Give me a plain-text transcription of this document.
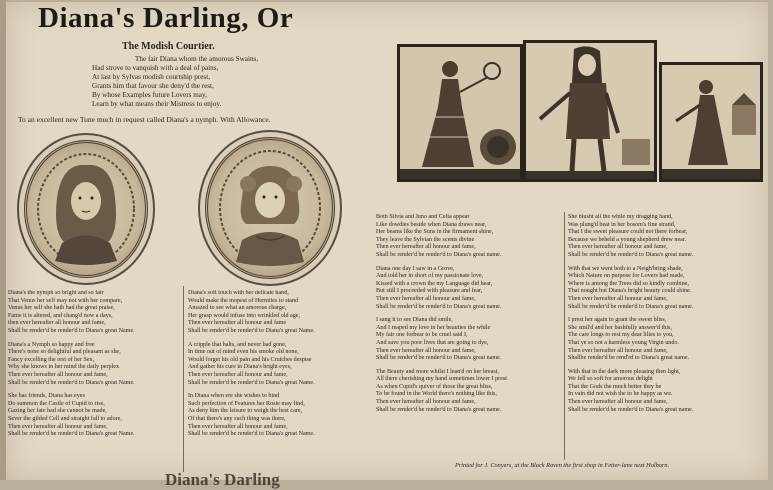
Diana's Darling, Or
The Modish Courtier.
The fair Diana whom the amorous Swains,
Had strove to vanquish with a deal of pains,
At last by Sylvas modish courtship prest,
Grants him that favour she deny'd the rest,
By whose Examples future Lovers may,
Learn by what means their Mistress to enjoy.
To an excellent new Tune much in request called Diana's a nymph. With Allowance.
Diana's the nymph so bright and so fair
That Venus her self may not with her compare,
Venus her self she hath had the great praise,
Fame it is altered, and chang'd now a days,
then ever hereafter all honour and fame,
Shall be render'd be render'd to Diana's great Name.
Diana's a Nymph so happy and free
There's none so delightful and pleasant as she,
Fancy excelling the rest of her Sex,
Why she knows in her mind the daily perplex
Then ever hereafter all honour and fame,
Shall be render'd be render'd to Diana's great Name.
She has friends, Diana has eyes
Do summon the Castle of Cupid to rise,
Gazing her fate had she cannot be made,
Sever the gilded Cell and straight fall to adore,
Then ever hereafter all honour and fame,
Shall be render'd be render'd to Diana's great Name.
Diana's soft touch with her delicate hand,
Would make the mopest of Hermites to stand
Amazed to see what an amorous charge,
Her grasp would infuse into wrinkled old age,
Then ever hereafter all honour and fame
Shall be render'd be render'd to Diana's great Name.
A cripple that halts, and never had gone,
In time out of mind even his smoke old none,
Would forget his old pain and his Crutches despise
And gather his cure in Diana's bright eyes,
Then ever hereafter all honour and fame,
Shall be render'd be render'd to Diana's great Name.
In Diana when ere she wishes to bind
Such perfection of Features her Rosie may find,
As deny him the leisure to weigh the best care,
Of that there's any such thing was there,
Then ever hereafter all honour and fame,
Shall be render'd be render'd to Diana's great Name.
Both Silvia and Juno and Celia appear
Like dowdies beside when Diana draws near,
Her beams like the Suns in the firmament shine,
They leave the Sylvian the scents divine
Then ever hereafter all honour and fame,
Shall be render'd be render'd to Diana's great name.
Diana one day I saw in a Grove,
And told her in short of my passionate love,
Kissed with a crown the my Language did hear,
But still I proceeded with pleasure and fear,
Then ever hereafter all honour and fame,
Shall be render'd be render'd to Diana's great name.
I sang it to see Diana did smile,
And I reaped my love in her beauties the while
My fair one forbear to be cruel said I,
And save you poor lives that are going to dye,
Then ever hereafter all honour and fame,
Shall be render'd be render'd to Diana's great name.
The Beauty and more whilst I lean'd on her breast,
All there cherishing my hand sometimes lower I prest
As when Cupid's quiver of those the great bliss,
To be found in the World there's nothing like this,
Then ever hereafter all honour and fame,
Shall be render'd be render'd to Diana's great name.
She blusht all the while my dragging hand,
Was plung'd beat in her bosom's fine strand,
That I the sweet pleasure could not there forbear,
Because we beheld a young shepherd drew near.
Then ever hereafter all honour and fame,
Shall be render'd be render'd to Diana's great name.
With that we went both to a Neigh'bring shade,
Which Nature on purpose for Lovers had made,
Where is among the Trees did so kindly combine,
That nought but Diana's bright beauty could shine.
Then ever hereafter all honour and fame,
Shall be render'd be render'd to Diana's great name.
I prest her again to grant the sweet bliss,
She smil'd and her bashfully answer'd this,
The care longs to rest my dear lilies to you,
That ye so not a harmless young Virgin undo.
Then ever hereafter all honour and fame,
Shallbe render'd be rend'rd to Diana's great name.
With that in the dark more pleasing then light,
We fell so soft for amorous delight
That the Gods the much better they be
In vain did not wish the to be happy as we.
Then ever hereafter all honour and fame,
Shall be render'd be render'd to Diana's great name.
Printed for J. Conyers, at the Black Raven the first shop in Fetter-lane next Holborn.
Diana's Darling
